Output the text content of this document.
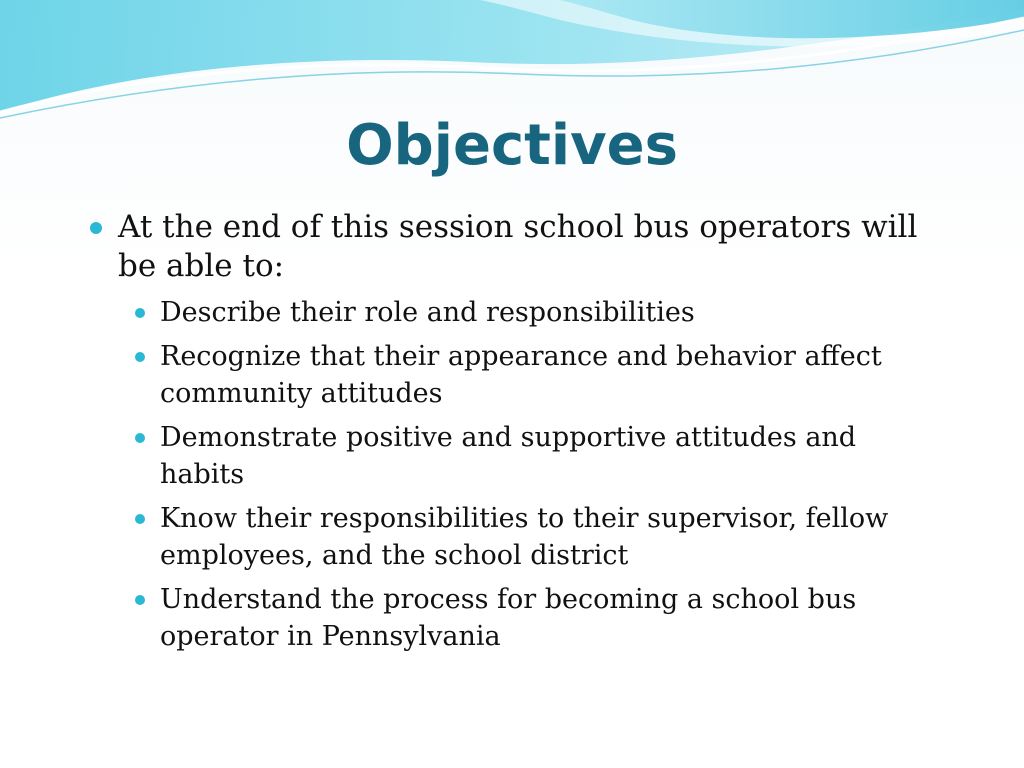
Objectives

At the end of this session school bus operators will be able to:

Describe their role and responsibilities
Recognize that their appearance and behavior affect community attitudes
Demonstrate positive and supportive attitudes and habits
Know their responsibilities to their supervisor, fellow employees, and the school district
Understand the process for becoming a school bus operator in Pennsylvania
